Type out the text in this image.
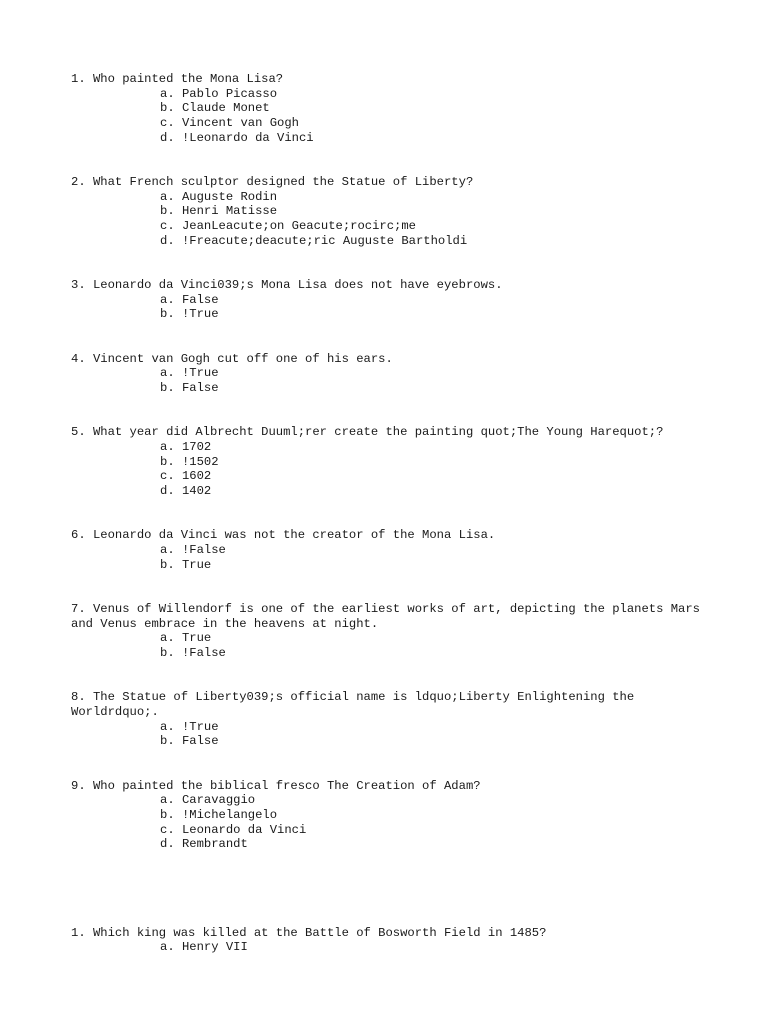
1. Who painted the Mona Lisa?
a. Pablo Picasso
b. Claude Monet
c. Vincent van Gogh
d. !Leonardo da Vinci
2. What French sculptor designed the Statue of Liberty?
a. Auguste Rodin
b. Henri Matisse
c. JeanLeacute;on Geacute;rocirc;me
d. !Freacute;deacute;ric Auguste Bartholdi
3. Leonardo da Vinci039;s Mona Lisa does not have eyebrows.
a. False
b. !True
4. Vincent van Gogh cut off one of his ears.
a. !True
b. False
5. What year did Albrecht Duuml;rer create the painting quot;The Young Harequot;?
a. 1702
b. !1502
c. 1602
d. 1402
6. Leonardo da Vinci was not the creator of the Mona Lisa.
a. !False
b. True
7. Venus of Willendorf is one of the earliest works of art, depicting the planets Mars and Venus embrace in the heavens at night.
a. True
b. !False
8. The Statue of Liberty039;s official name is ldquo;Liberty Enlightening the Worldrdquo;.
a. !True
b. False
9. Who painted the biblical fresco The Creation of Adam?
a. Caravaggio
b. !Michelangelo
c. Leonardo da Vinci
d. Rembrandt
1. Which king was killed at the Battle of Bosworth Field in 1485?
a. Henry VII
